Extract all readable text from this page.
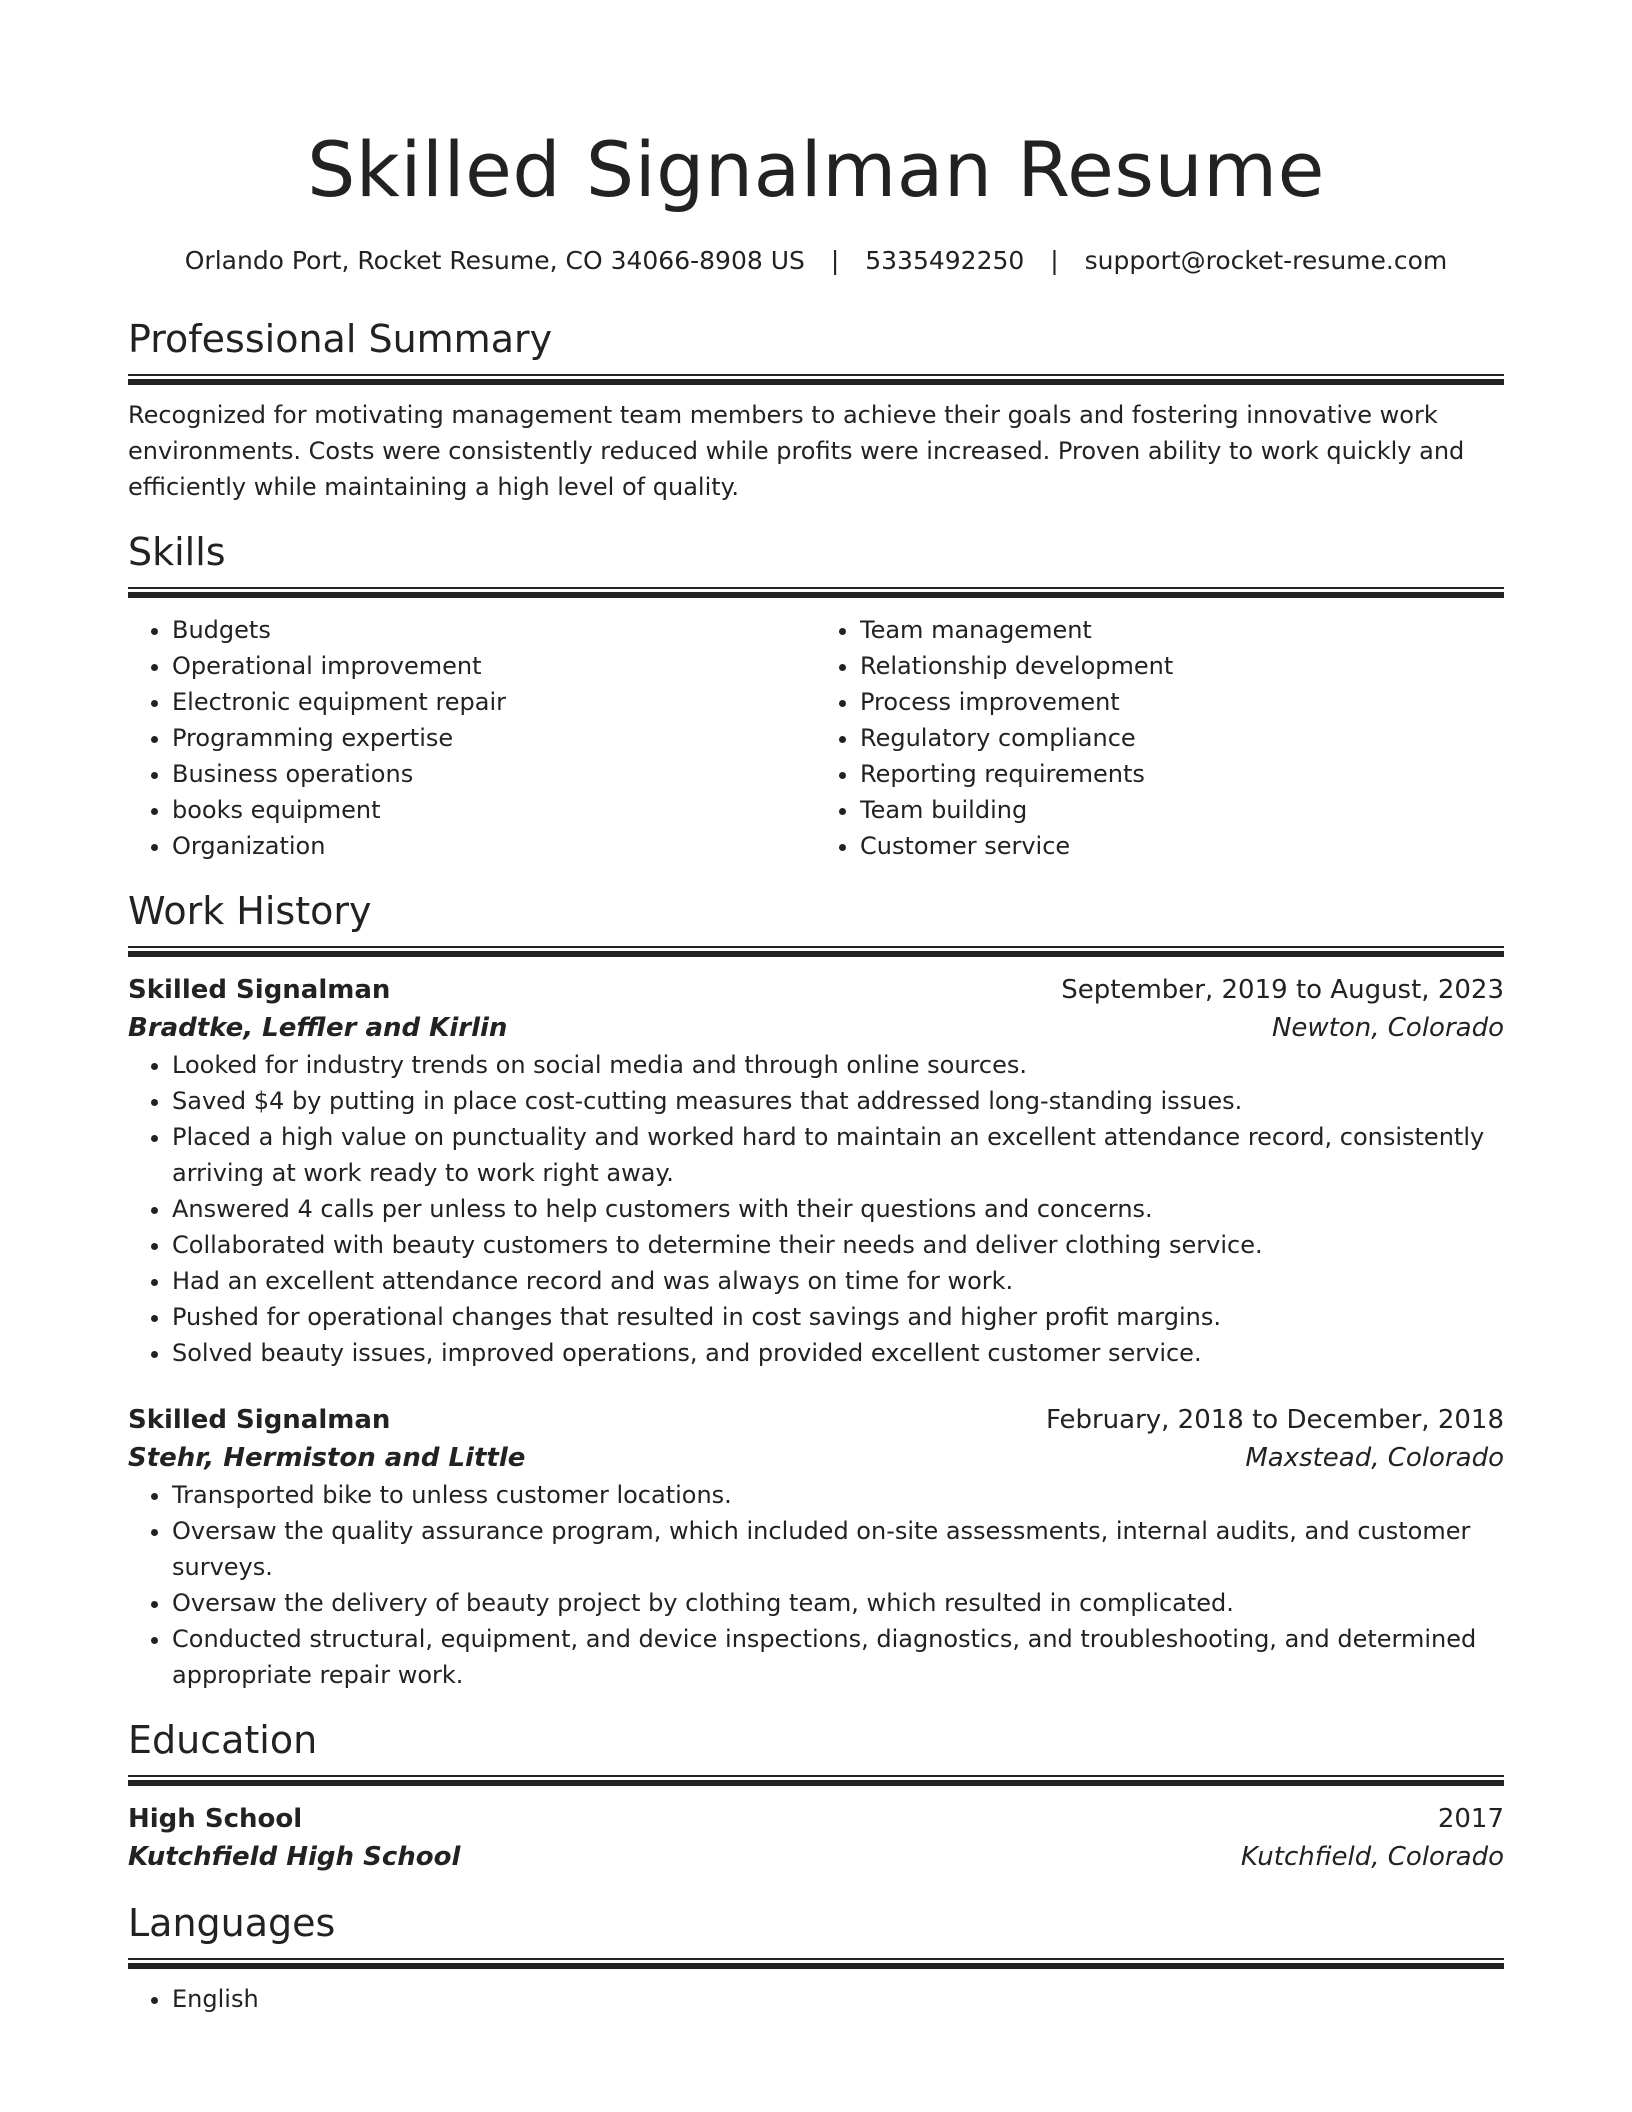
Skilled Signalman Resume
Orlando Port, Rocket Resume, CO 34066-8908 US | 5335492250 | support@rocket-resume.com
Professional Summary
Recognized for motivating management team members to achieve their goals and fostering innovative work environments. Costs were consistently reduced while profits were increased. Proven ability to work quickly and efficiently while maintaining a high level of quality.
Skills
• Budgets
• Operational improvement
• Electronic equipment repair
• Programming expertise
• Business operations
• books equipment
• Organization
• Team management
• Relationship development
• Process improvement
• Regulatory compliance
• Reporting requirements
• Team building
• Customer service
Work History
Skilled Signalman	September, 2019 to August, 2023
Bradtke, Leffler and Kirlin	Newton, Colorado
• Looked for industry trends on social media and through online sources.
• Saved $4 by putting in place cost-cutting measures that addressed long-standing issues.
• Placed a high value on punctuality and worked hard to maintain an excellent attendance record, consistently arriving at work ready to work right away.
• Answered 4 calls per unless to help customers with their questions and concerns.
• Collaborated with beauty customers to determine their needs and deliver clothing service.
• Had an excellent attendance record and was always on time for work.
• Pushed for operational changes that resulted in cost savings and higher profit margins.
• Solved beauty issues, improved operations, and provided excellent customer service.
Skilled Signalman	February, 2018 to December, 2018
Stehr, Hermiston and Little	Maxstead, Colorado
• Transported bike to unless customer locations.
• Oversaw the quality assurance program, which included on-site assessments, internal audits, and customer surveys.
• Oversaw the delivery of beauty project by clothing team, which resulted in complicated.
• Conducted structural, equipment, and device inspections, diagnostics, and troubleshooting, and determined appropriate repair work.
Education
High School	2017
Kutchfield High School	Kutchfield, Colorado
Languages
• English
